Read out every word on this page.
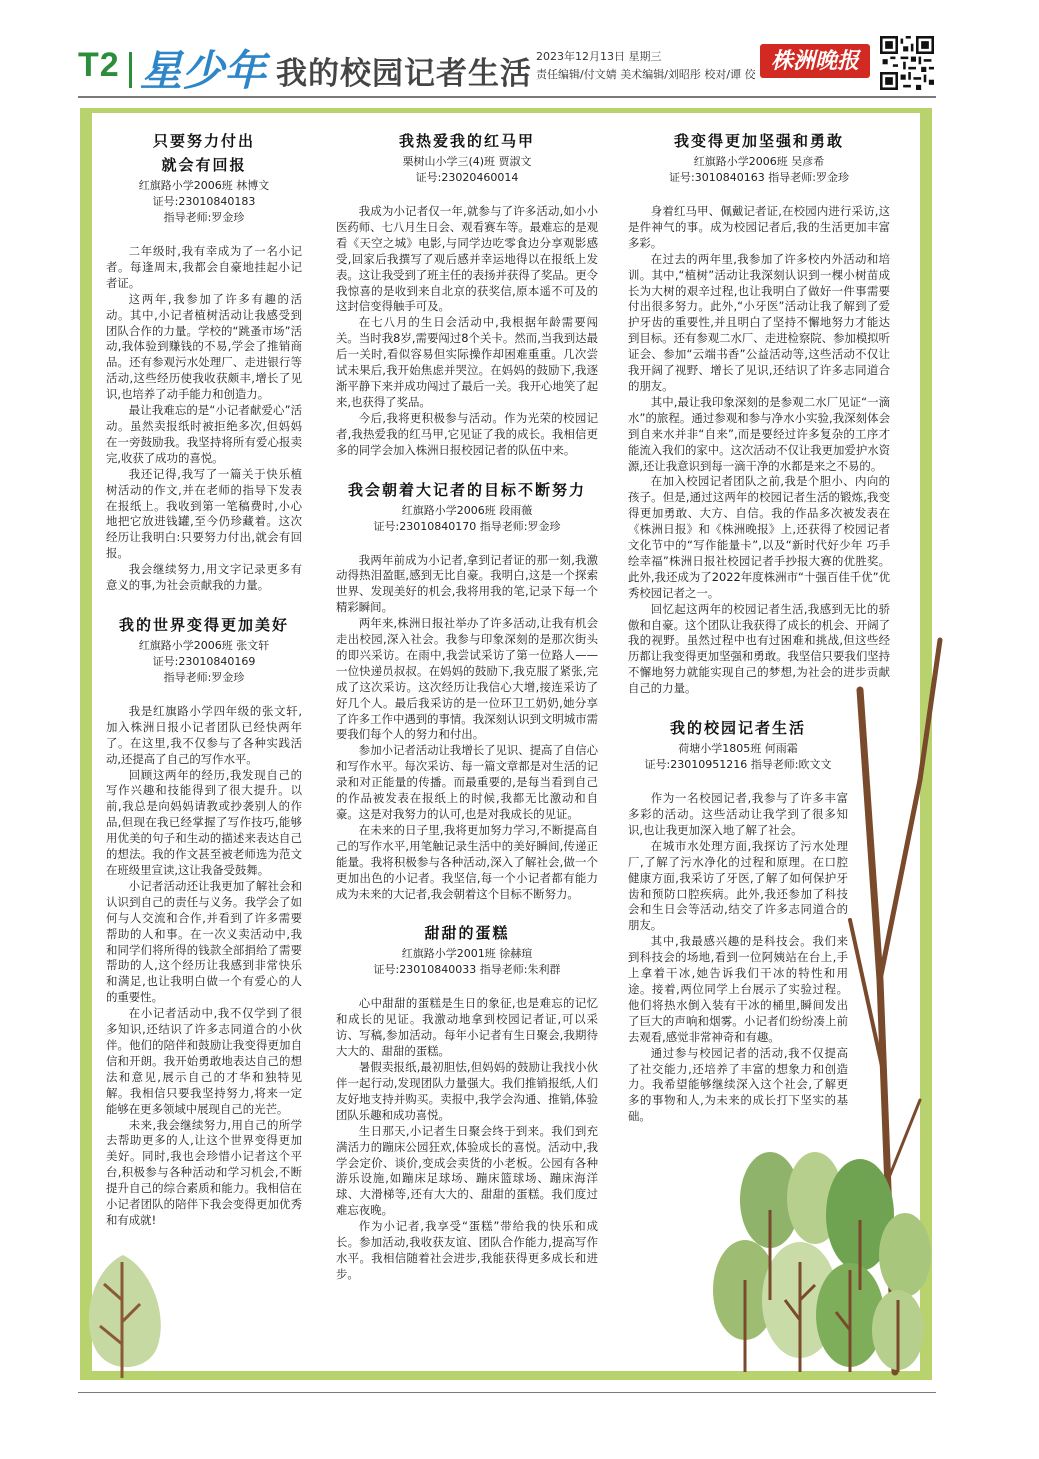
T2 星少年 我的校园记者生活 2023年12月13日 星期三
责任编辑/付文婧 美术编辑/刘昭彤 校对/谭 佼
株洲晚报
只要努力付出
就会有回报
红旗路小学2006班 林博文
证号:23010840183
指导老师:罗金珍

二年级时,我有幸成为了一名小记者。每逢周末,我都会自豪地挂起小记者证。

这两年,我参加了许多有趣的活动。其中,小记者植树活动让我感受到团队合作的力量。学校的“跳蚤市场”活动,我体验到赚钱的不易,学会了推销商品。还有参观污水处理厂、走进银行等活动,这些经历使我收获颇丰,增长了见识,也培养了动手能力和创造力。

最让我难忘的是“小记者献爱心”活动。虽然卖报纸时被拒绝多次,但妈妈在一旁鼓励我。我坚持将所有爱心报卖完,收获了成功的喜悦。

我还记得,我写了一篇关于快乐植树活动的作文,并在老师的指导下发表在报纸上。我收到第一笔稿费时,小心地把它放进钱罐,至今仍珍藏着。这次经历让我明白:只要努力付出,就会有回报。

我会继续努力,用文字记录更多有意义的事,为社会贡献我的力量。

我的世界变得更加美好
红旗路小学2006班 张文轩
证号:23010840169
指导老师:罗金珍

我是红旗路小学四年级的张文轩,加入株洲日报小记者团队已经快两年了。在这里,我不仅参与了各种实践活动,还提高了自己的写作水平。

回顾这两年的经历,我发现自己的写作兴趣和技能得到了很大提升。以前,我总是向妈妈请教或抄袭别人的作品,但现在我已经掌握了写作技巧,能够用优美的句子和生动的描述来表达自己的想法。我的作文甚至被老师选为范文在班级里宣读,这让我备受鼓舞。

小记者活动还让我更加了解社会和认识到自己的责任与义务。我学会了如何与人交流和合作,并看到了许多需要帮助的人和事。在一次义卖活动中,我和同学们将所得的钱款全部捐给了需要帮助的人,这个经历让我感到非常快乐和满足,也让我明白做一个有爱心的人的重要性。

在小记者活动中,我不仅学到了很多知识,还结识了许多志同道合的小伙伴。他们的陪伴和鼓励让我变得更加自信和开朗。我开始勇敢地表达自己的想法和意见,展示自己的才华和独特见解。我相信只要我坚持努力,将来一定能够在更多领域中展现自己的光芒。

未来,我会继续努力,用自己的所学去帮助更多的人,让这个世界变得更加美好。同时,我也会珍惜小记者这个平台,积极参与各种活动和学习机会,不断提升自己的综合素质和能力。我相信在小记者团队的陪伴下我会变得更加优秀和有成就!

我热爱我的红马甲
栗树山小学三(4)班 贾淑文
证号:23020460014

我成为小记者仅一年,就参与了许多活动,如小小医药师、七八月生日会、观看赛车等。最难忘的是观看《天空之城》电影,与同学边吃零食边分享观影感受,回家后我撰写了观后感并幸运地得以在报纸上发表。这让我受到了班主任的表扬并获得了奖品。更令我惊喜的是收到来自北京的获奖信,原本遥不可及的这封信变得触手可及。

在七八月的生日会活动中,我根据年龄需要闯关。当时我8岁,需要闯过8个关卡。然而,当我到达最后一关时,看似容易但实际操作却困难重重。几次尝试未果后,我开始焦虑并哭泣。在妈妈的鼓励下,我逐渐平静下来并成功闯过了最后一关。我开心地笑了起来,也获得了奖品。

今后,我将更积极参与活动。作为光荣的校园记者,我热爱我的红马甲,它见证了我的成长。我相信更多的同学会加入株洲日报校园记者的队伍中来。

我会朝着大记者的目标不断努力
红旗路小学2006班 段雨薇
证号:23010840170 指导老师:罗金珍

我两年前成为小记者,拿到记者证的那一刻,我激动得热泪盈眶,感到无比自豪。我明白,这是一个探索世界、发现美好的机会,我将用我的笔,记录下每一个精彩瞬间。

两年来,株洲日报社举办了许多活动,让我有机会走出校园,深入社会。我参与印象深刻的是那次街头的即兴采访。在雨中,我尝试采访了第一位路人——一位快递员叔叔。在妈妈的鼓励下,我克服了紧张,完成了这次采访。这次经历让我信心大增,接连采访了好几个人。最后我采访的是一位环卫工奶奶,她分享了许多工作中遇到的事情。我深刻认识到文明城市需要我们每个人的努力和付出。

参加小记者活动让我增长了见识、提高了自信心和写作水平。每次采访、每一篇文章都是对生活的记录和对正能量的传播。而最重要的,是每当看到自己的作品被发表在报纸上的时候,我都无比激动和自豪。这是对我努力的认可,也是对我成长的见证。

在未来的日子里,我将更加努力学习,不断提高自己的写作水平,用笔触记录生活中的美好瞬间,传递正能量。我将积极参与各种活动,深入了解社会,做一个更加出色的小记者。我坚信,每一个小记者都有能力成为未来的大记者,我会朝着这个目标不断努力。

甜甜的蛋糕
红旗路小学2001班 徐赫瑄
证号:23010840033 指导老师:朱利群

心中甜甜的蛋糕是生日的象征,也是难忘的记忆和成长的见证。我激动地拿到校园记者证,可以采访、写稿,参加活动。每年小记者有生日聚会,我期待大大的、甜甜的蛋糕。

暑假卖报纸,最初胆怯,但妈妈的鼓励让我找小伙伴一起行动,发现团队力量强大。我们推销报纸,人们友好地支持并购买。卖报中,我学会沟通、推销,体验团队乐趣和成功喜悦。

生日那天,小记者生日聚会终于到来。我们到充满活力的蹦床公园狂欢,体验成长的喜悦。活动中,我学会定价、谈价,变成会卖货的小老板。公园有各种游乐设施,如蹦床足球场、蹦床篮球场、蹦床海洋球、大滑梯等,还有大大的、甜甜的蛋糕。我们度过难忘夜晚。

作为小记者,我享受“蛋糕”带给我的快乐和成长。参加活动,我收获友谊、团队合作能力,提高写作水平。我相信随着社会进步,我能获得更多成长和进步。

我变得更加坚强和勇敢
红旗路小学2006班 吴彦希
证号:3010840163 指导老师:罗金珍

身着红马甲、佩戴记者证,在校园内进行采访,这是件神气的事。成为校园记者后,我的生活更加丰富多彩。

在过去的两年里,我参加了许多校内外活动和培训。其中,“植树”活动让我深刻认识到一棵小树苗成长为大树的艰辛过程,也让我明白了做好一件事需要付出很多努力。此外,“小牙医”活动让我了解到了爱护牙齿的重要性,并且明白了坚持不懈地努力才能达到目标。还有参观二水厂、走进检察院、参加模拟听证会、参加“云端书香”公益活动等,这些活动不仅让我开阔了视野、增长了见识,还结识了许多志同道合的朋友。

其中,最让我印象深刻的是参观二水厂见证“一滴水”的旅程。通过参观和参与净水小实验,我深刻体会到自来水并非“自来”,而是要经过许多复杂的工序才能流入我们的家中。这次活动不仅让我更加爱护水资源,还让我意识到每一滴干净的水都是来之不易的。

在加入校园记者团队之前,我是个胆小、内向的孩子。但是,通过这两年的校园记者生活的锻炼,我变得更加勇敢、大方、自信。我的作品多次被发表在《株洲日报》和《株洲晚报》上,还获得了校园记者文化节中的“写作能量卡”,以及“新时代好少年 巧手绘幸福”株洲日报社校园记者手抄报大赛的优胜奖。此外,我还成为了2022年度株洲市“十强百佳千优”优秀校园记者之一。

回忆起这两年的校园记者生活,我感到无比的骄傲和自豪。这个团队让我获得了成长的机会、开阔了我的视野。虽然过程中也有过困难和挑战,但这些经历都让我变得更加坚强和勇敢。我坚信只要我们坚持不懈地努力就能实现自己的梦想,为社会的进步贡献自己的力量。

我的校园记者生活
荷塘小学1805班 何雨霜
证号:23010951216 指导老师:欧文文

作为一名校园记者,我参与了许多丰富多彩的活动。这些活动让我学到了很多知识,也让我更加深入地了解了社会。

在城市水处理方面,我探访了污水处理厂,了解了污水净化的过程和原理。在口腔健康方面,我采访了牙医,了解了如何保护牙齿和预防口腔疾病。此外,我还参加了科技会和生日会等活动,结交了许多志同道合的朋友。

其中,我最感兴趣的是科技会。我们来到科技会的场地,看到一位阿姨站在台上,手上拿着干冰,她告诉我们干冰的特性和用途。接着,两位同学上台展示了实验过程。他们将热水倒入装有干冰的桶里,瞬间发出了巨大的声响和烟雾。小记者们纷纷凑上前去观看,感觉非常神奇和有趣。

通过参与校园记者的活动,我不仅提高了社交能力,还培养了丰富的想象力和创造力。我希望能够继续深入这个社会,了解更多的事物和人,为未来的成长打下坚实的基础。
